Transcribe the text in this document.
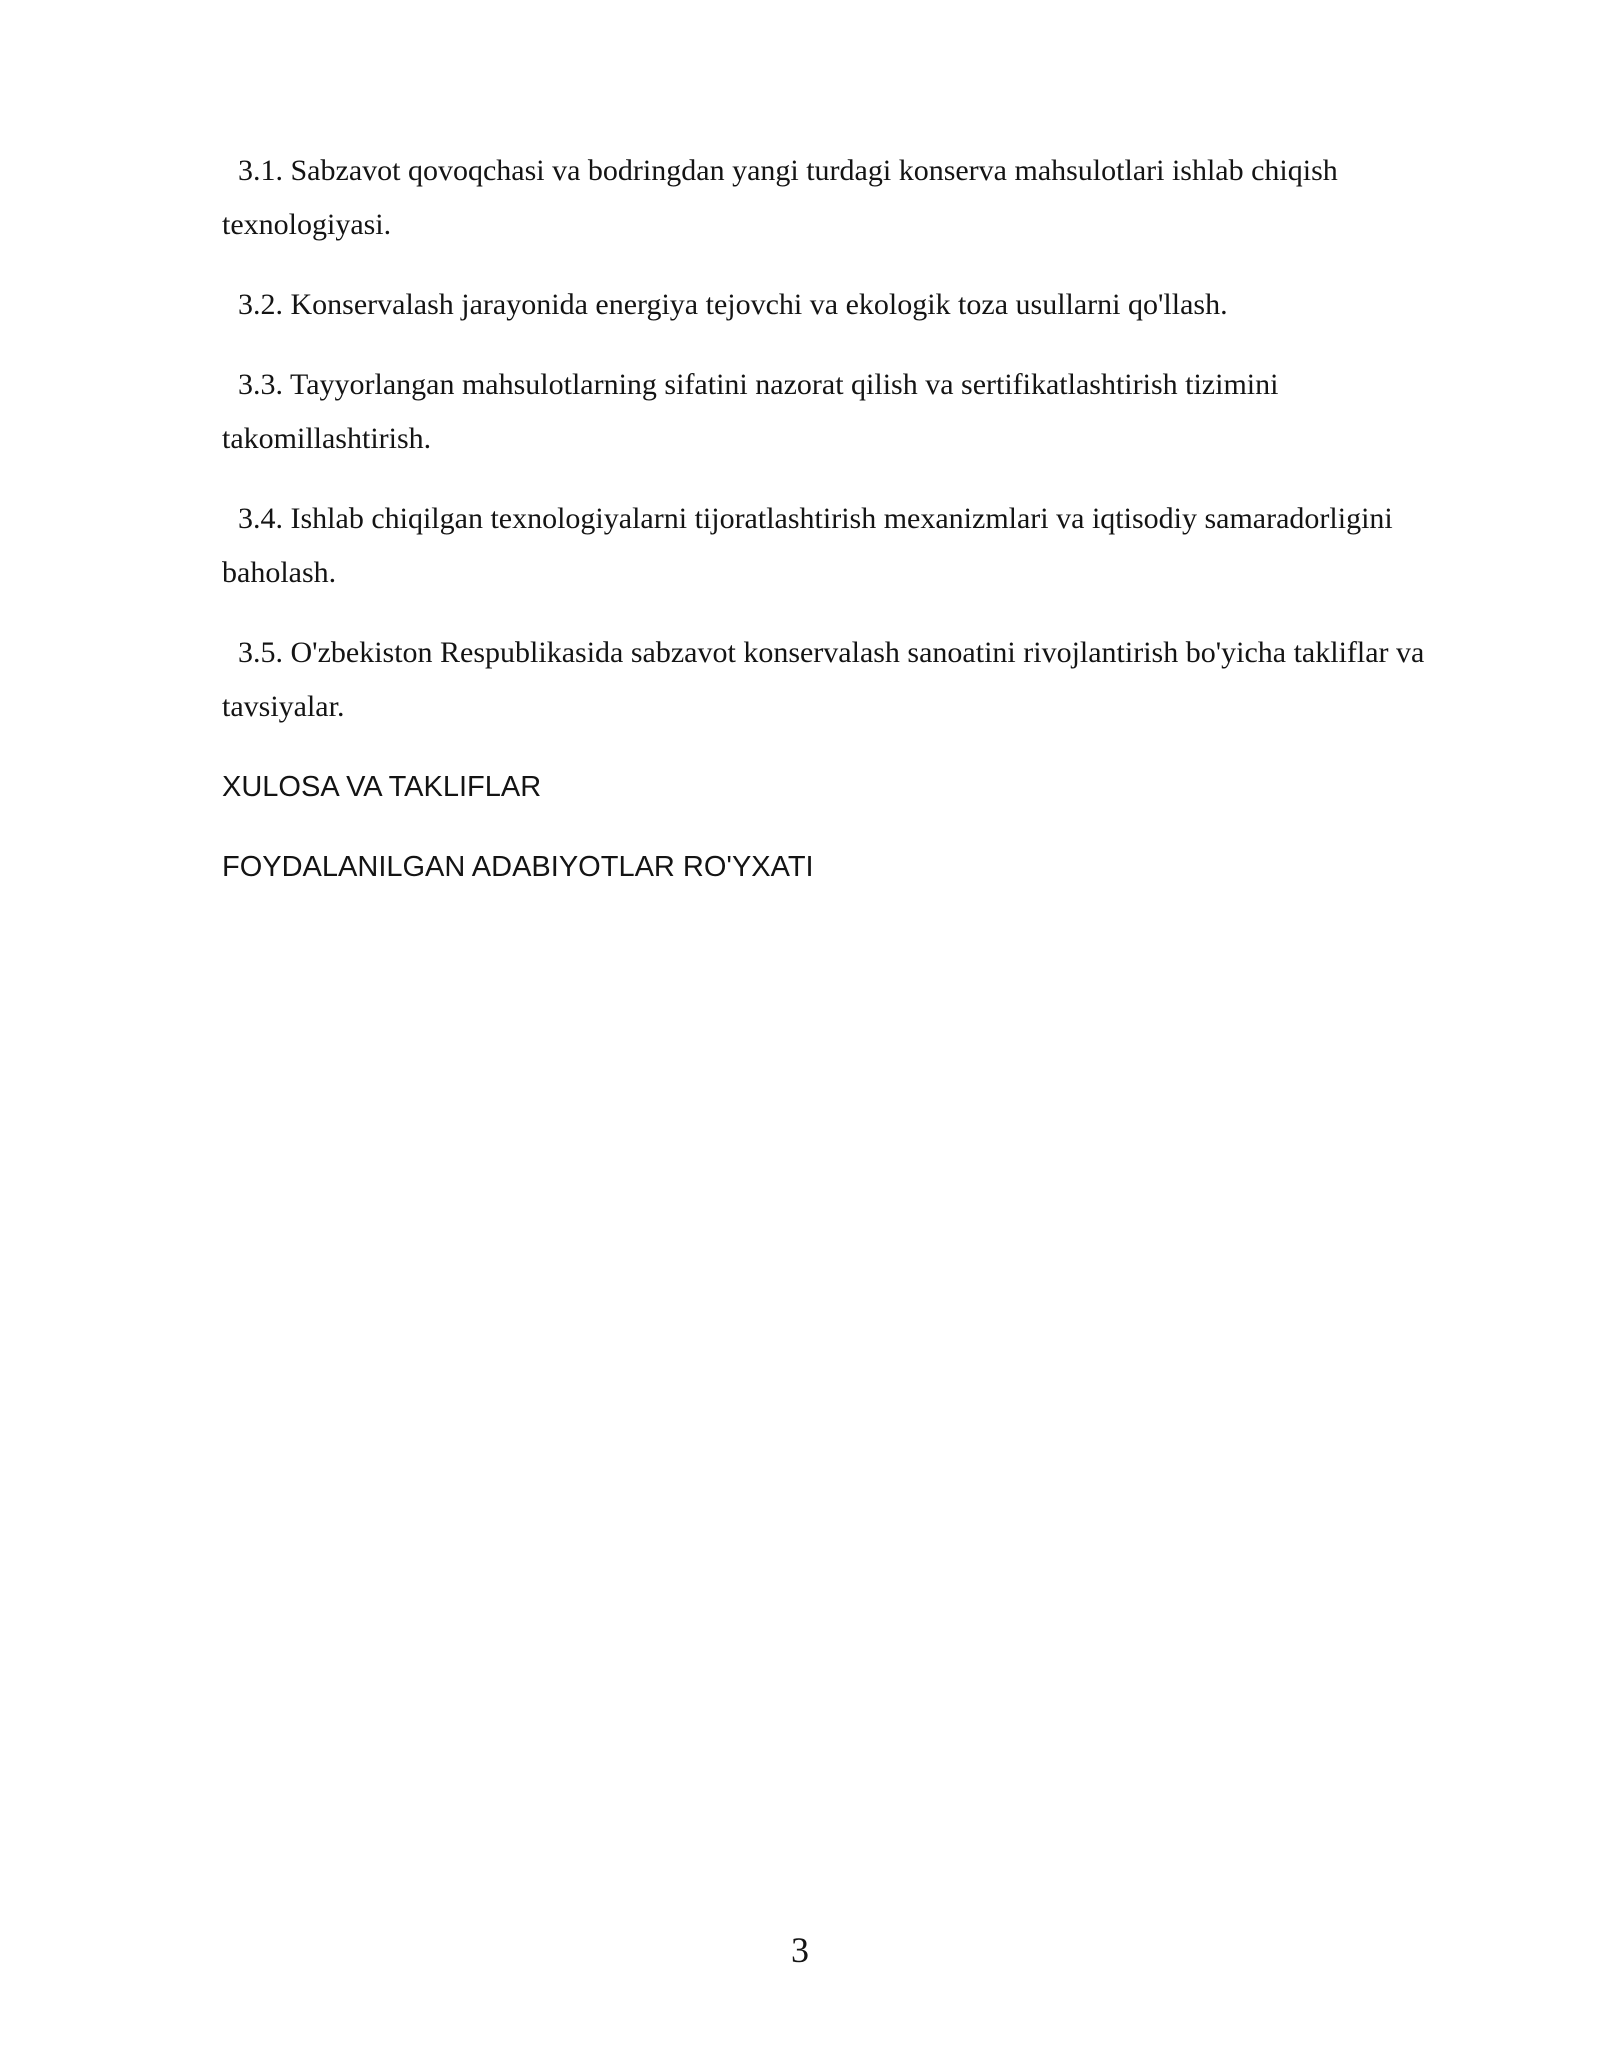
3.1. Sabzavot qovoqchasi va bodringdan yangi turdagi konserva mahsulotlari ishlab chiqish texnologiyasi.

3.2. Konservalash jarayonida energiya tejovchi va ekologik toza usullarni qo'llash.

3.3. Tayyorlangan mahsulotlarning sifatini nazorat qilish va sertifikatlashtirish tizimini takomillashtirish.

3.4. Ishlab chiqilgan texnologiyalarni tijoratlashtirish mexanizmlari va iqtisodiy samaradorligini baholash.

3.5. O'zbekiston Respublikasida sabzavot konservalash sanoatini rivojlantirish bo'yicha takliflar va tavsiyalar.

XULOSA VA TAKLIFLAR

FOYDALANILGAN ADABIYOTLAR RO'YXATI

3
